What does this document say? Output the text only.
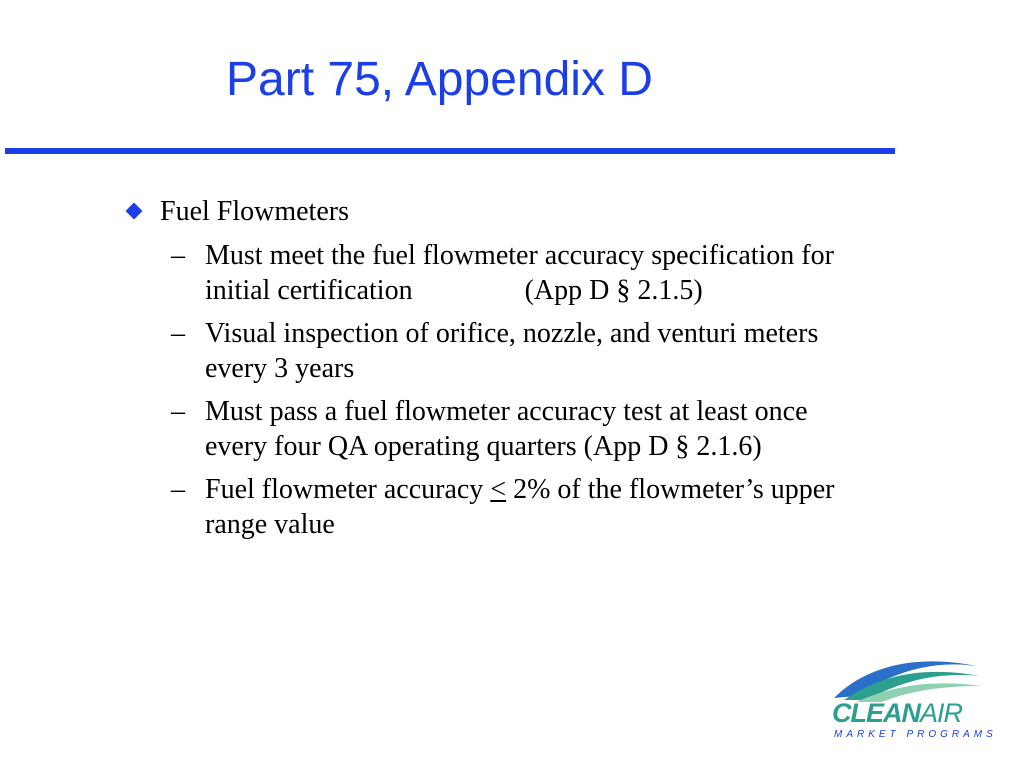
Part 75, Appendix D
Fuel Flowmeters
– Must meet the fuel flowmeter accuracy specification for
initial certification	(App D § 2.1.5)
– Visual inspection of orifice, nozzle, and venturi meters
every 3 years
– Must pass a fuel flowmeter accuracy test at least once
every four QA operating quarters (App D § 2.1.6)
– Fuel flowmeter accuracy ≤ 2% of the flowmeter’s upper
range value
CLEANAIR
MARKET PROGRAMS
